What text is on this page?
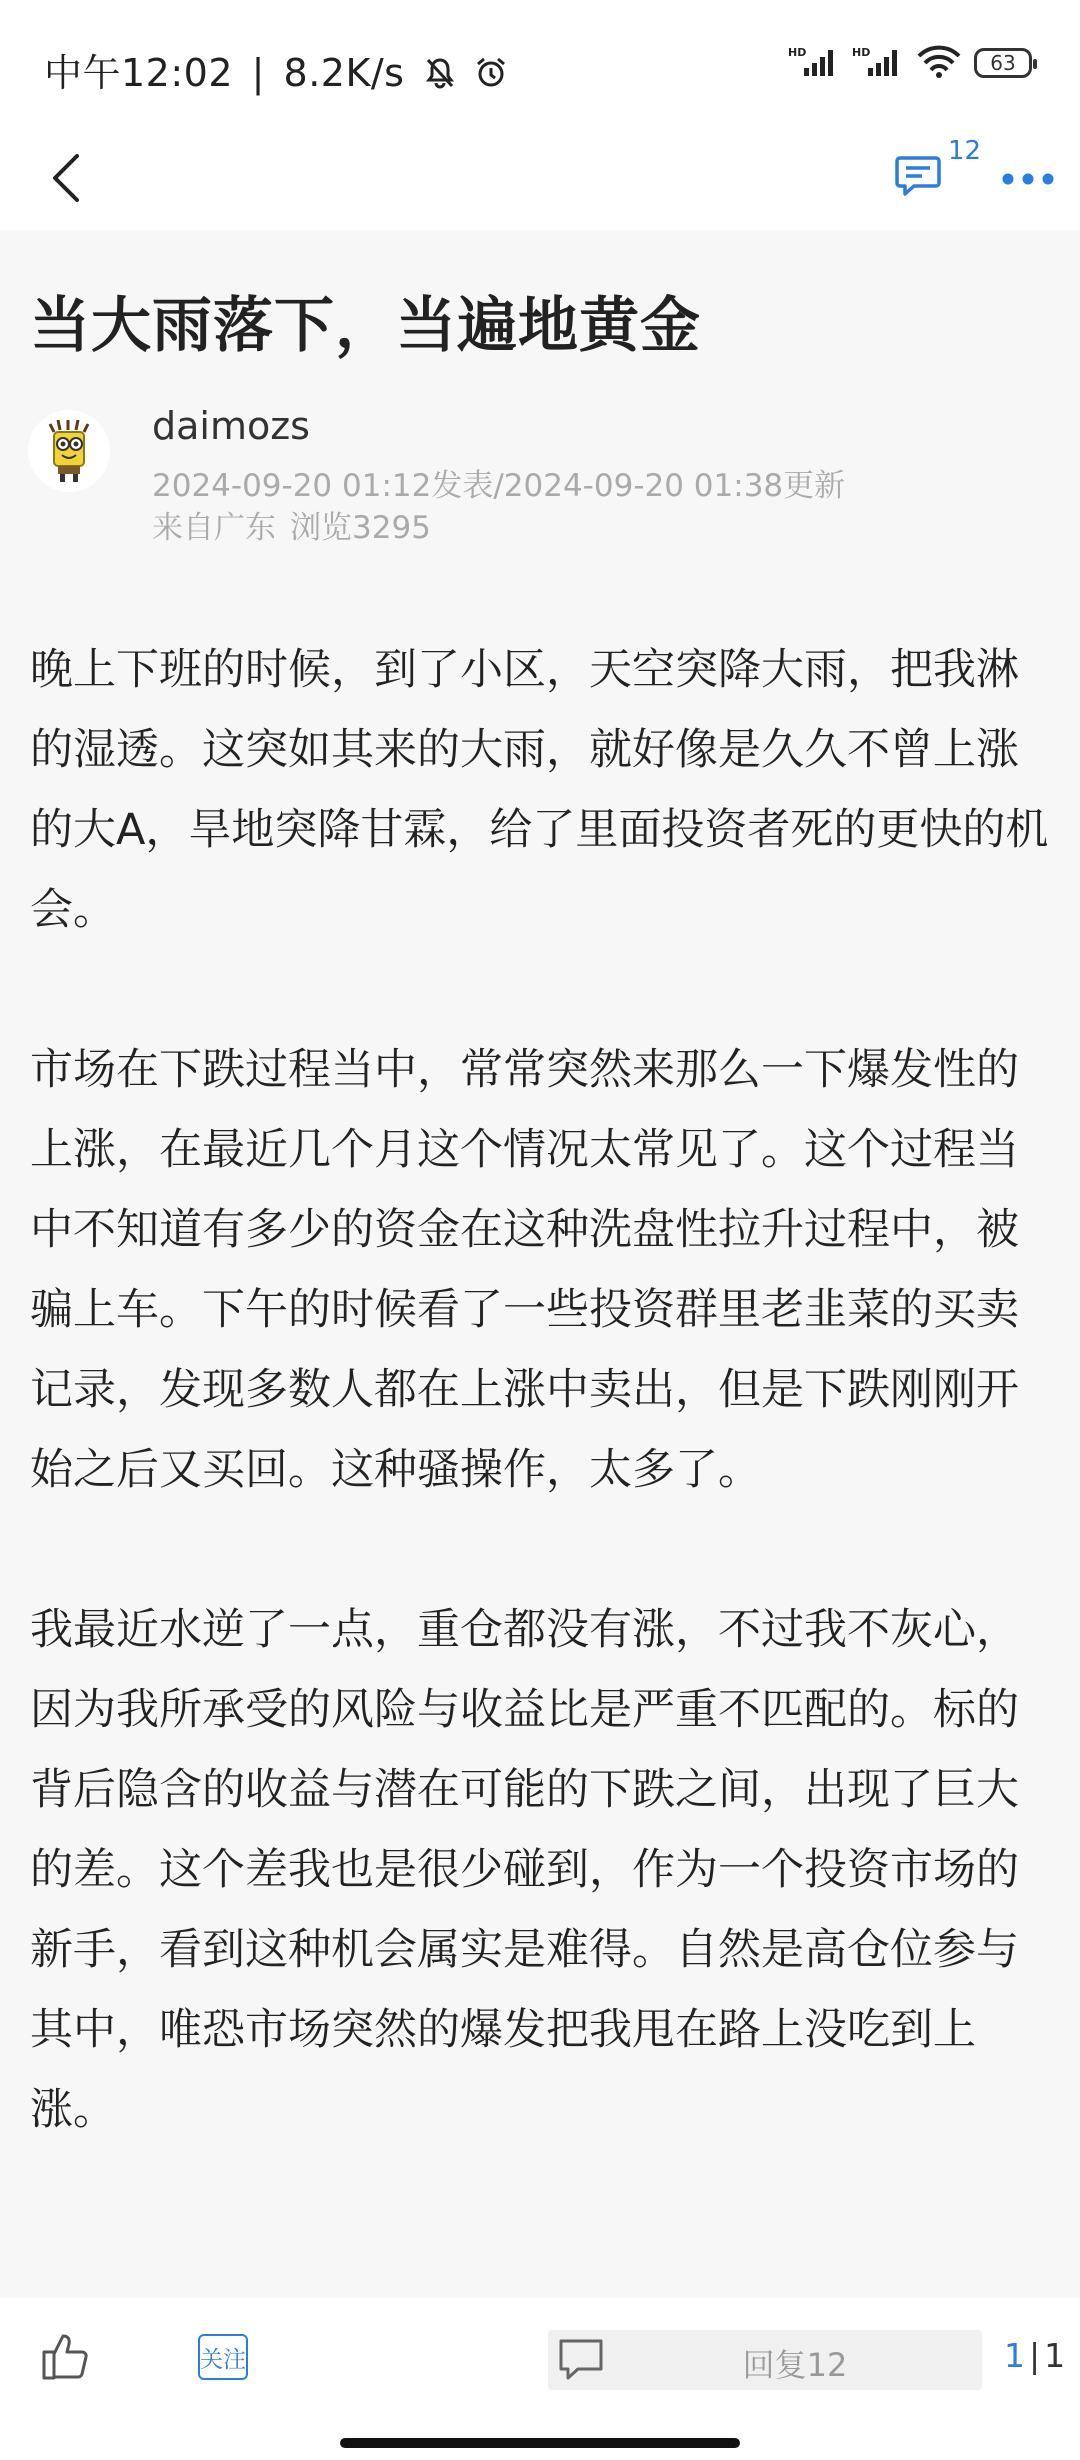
中午12:02 | 8.2K/s	HD	HD	63
12
当大雨落下，当遍地黄金
daimozs
2024-09-20 01:12发表/2024-09-20 01:38更新
来自广东 浏览3295

晚上下班的时候，到了小区，天空突降大雨，把我淋的湿透。这突如其来的大雨，就好像是久久不曾上涨的大A，旱地突降甘霖，给了里面投资者死的更快的机会。

市场在下跌过程当中，常常突然来那么一下爆发性的上涨，在最近几个月这个情况太常见了。这个过程当中不知道有多少的资金在这种洗盘性拉升过程中，被骗上车。下午的时候看了一些投资群里老韭菜的买卖记录，发现多数人都在上涨中卖出，但是下跌刚刚开始之后又买回。这种骚操作，太多了。

我最近水逆了一点，重仓都没有涨，不过我不灰心，因为我所承受的风险与收益比是严重不匹配的。标的背后隐含的收益与潜在可能的下跌之间，出现了巨大的差。这个差我也是很少碰到，作为一个投资市场的新手，看到这种机会属实是难得。自然是高仓位参与其中，唯恐市场突然的爆发把我甩在路上没吃到上涨。

关注	回复12	1 | 1
